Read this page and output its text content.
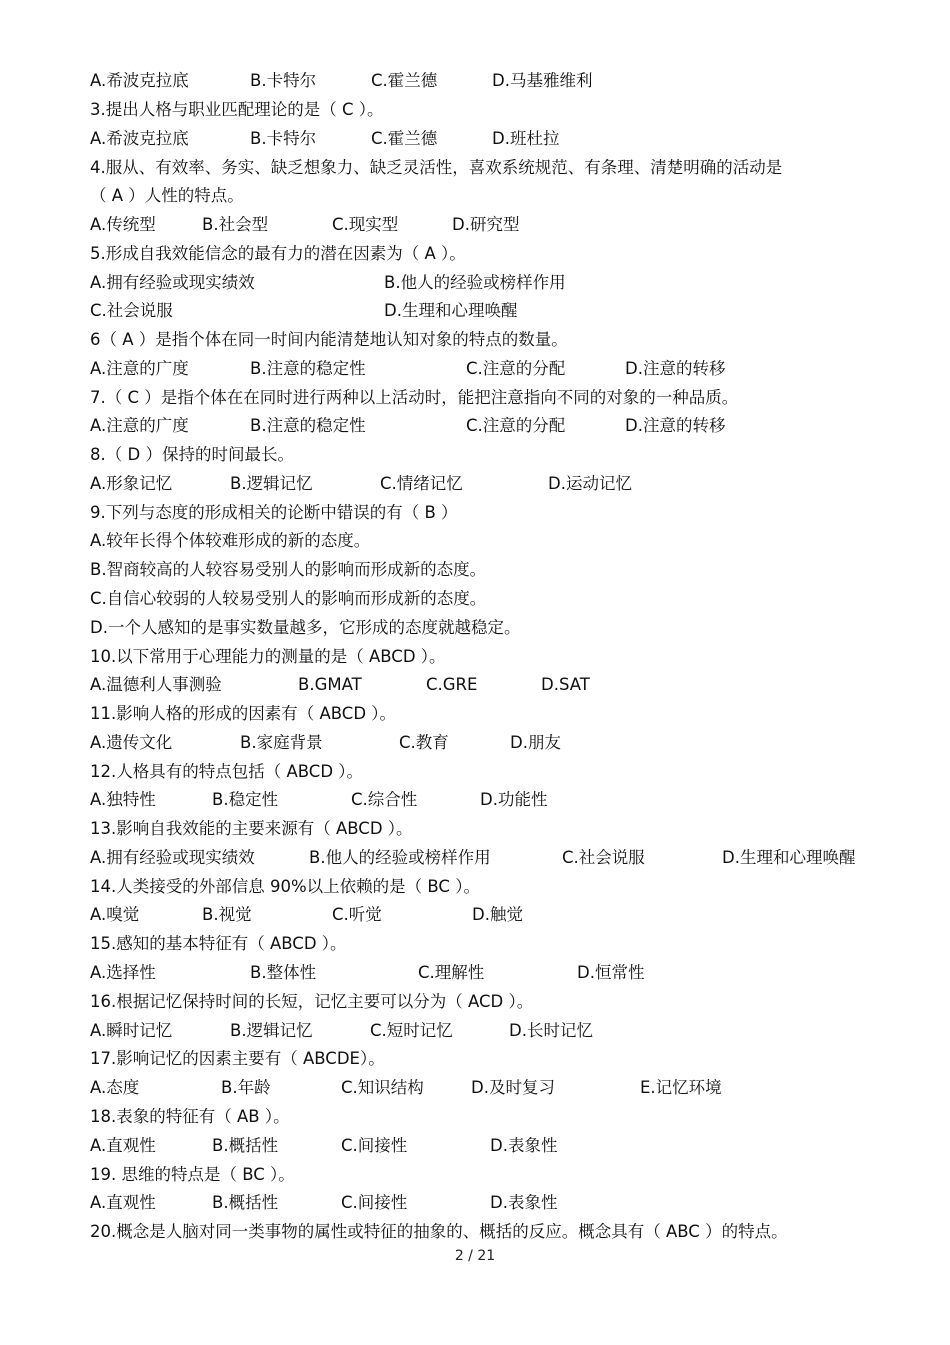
A.希波克拉底	B.卡特尔	C.霍兰德	D.马基雅维利
3.提出人格与职业匹配理论的是（ C ）。
A.希波克拉底	B.卡特尔	C.霍兰德	D.班杜拉
4.服从、有效率、务实、缺乏想象力、缺乏灵活性，喜欢系统规范、有条理、清楚明确的活动是
（ A ）人性的特点。
A.传统型	B.社会型	C.现实型	D.研究型
5.形成自我效能信念的最有力的潜在因素为（ A ）。
A.拥有经验或现实绩效	B.他人的经验或榜样作用
C.社会说服	D.生理和心理唤醒
6（ A ）是指个体在同一时间内能清楚地认知对象的特点的数量。
A.注意的广度	B.注意的稳定性	C.注意的分配	D.注意的转移
7.（ C ）是指个体在在同时进行两种以上活动时，能把注意指向不同的对象的一种品质。
A.注意的广度	B.注意的稳定性	C.注意的分配	D.注意的转移
8.（ D ）保持的时间最长。
A.形象记忆	B.逻辑记忆	C.情绪记忆	D.运动记忆
9.下列与态度的形成相关的论断中错误的有（ B ）
A.较年长得个体较难形成的新的态度。
B.智商较高的人较容易受别人的影响而形成新的态度。
C.自信心较弱的人较易受别人的影响而形成新的态度。
D.一个人感知的是事实数量越多，它形成的态度就越稳定。
10.以下常用于心理能力的测量的是（ ABCD ）。
A.温德利人事测验	B.GMAT	C.GRE	D.SAT
11.影响人格的形成的因素有（ ABCD ）。
A.遗传文化	B.家庭背景	C.教育	D.朋友
12.人格具有的特点包括（ ABCD ）。
A.独特性	B.稳定性	C.综合性	D.功能性
13.影响自我效能的主要来源有（ ABCD ）。
A.拥有经验或现实绩效	B.他人的经验或榜样作用	C.社会说服	D.生理和心理唤醒
14.人类接受的外部信息 90%以上依赖的是（ BC ）。
A.嗅觉	B.视觉	C.听觉	D.触觉
15.感知的基本特征有（ ABCD ）。
A.选择性	B.整体性	C.理解性	D.恒常性
16.根据记忆保持时间的长短，记忆主要可以分为（ ACD ）。
A.瞬时记忆	B.逻辑记忆	C.短时记忆	D.长时记忆
17.影响记忆的因素主要有（ ABCDE）。
A.态度	B.年龄	C.知识结构	D.及时复习	E.记忆环境
18.表象的特征有（ AB ）。
A.直观性	B.概括性	C.间接性	D.表象性
19. 思维的特点是（ BC ）。
A.直观性	B.概括性	C.间接性	D.表象性
20.概念是人脑对同一类事物的属性或特征的抽象的、概括的反应。概念具有（ ABC ）的特点。
2 / 21
